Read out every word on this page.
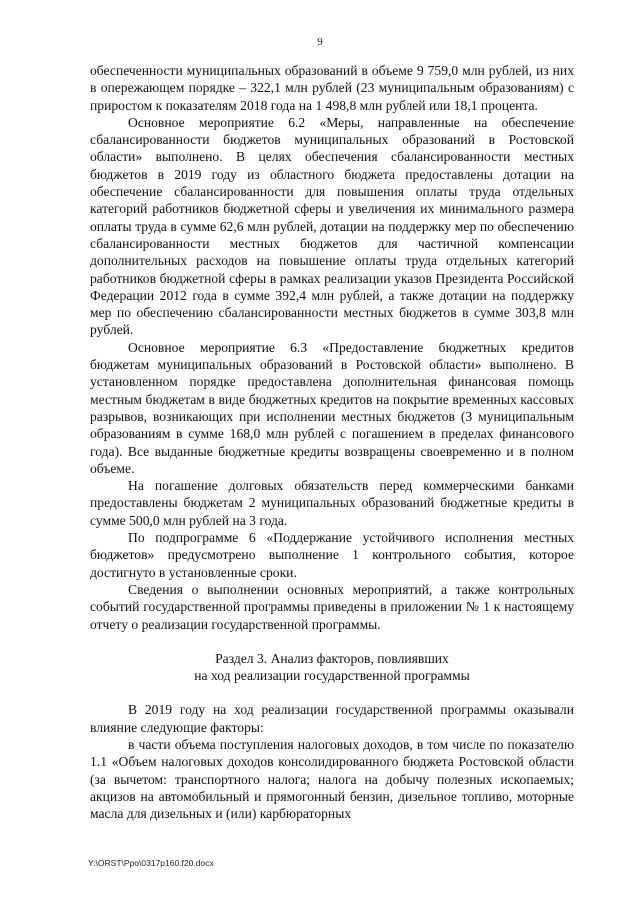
9

обеспеченности муниципальных образований в объеме 9 759,0 млн рублей, из них в опережающем порядке – 322,1 млн рублей (23 муниципальным образованиям) с приростом к показателям 2018 года на 1 498,8 млн рублей или 18,1 процента.

Основное мероприятие 6.2 «Меры, направленные на обеспечение сбалансированности бюджетов муниципальных образований в Ростовской области» выполнено. В целях обеспечения сбалансированности местных бюджетов в 2019 году из областного бюджета предоставлены дотации на обеспечение сбалансированности для повышения оплаты труда отдельных категорий работников бюджетной сферы и увеличения их минимального размера оплаты труда в сумме 62,6 млн рублей, дотации на поддержку мер по обеспечению сбалансированности местных бюджетов для частичной компенсации дополнительных расходов на повышение оплаты труда отдельных категорий работников бюджетной сферы в рамках реализации указов Президента Российской Федерации 2012 года в сумме 392,4 млн рублей, а также дотации на поддержку мер по обеспечению сбалансированности местных бюджетов в сумме 303,8 млн рублей.

Основное мероприятие 6.3 «Предоставление бюджетных кредитов бюджетам муниципальных образований в Ростовской области» выполнено. В установленном порядке предоставлена дополнительная финансовая помощь местным бюджетам в виде бюджетных кредитов на покрытие временных кассовых разрывов, возникающих при исполнении местных бюджетов (3 муниципальным образованиям в сумме 168,0 млн рублей с погашением в пределах финансового года). Все выданные бюджетные кредиты возвращены своевременно и в полном объеме.

На погашение долговых обязательств перед коммерческими банками предоставлены бюджетам 2 муниципальных образований бюджетные кредиты в сумме 500,0 млн рублей на 3 года.

По подпрограмме 6 «Поддержание устойчивого исполнения местных бюджетов» предусмотрено выполнение 1 контрольного события, которое достигнуто в установленные сроки.

Сведения о выполнении основных мероприятий, а также контрольных событий государственной программы приведены в приложении № 1 к настоящему отчету о реализации государственной программы.

Раздел 3. Анализ факторов, повлиявших
на ход реализации государственной программы

В 2019 году на ход реализации государственной программы оказывали влияние следующие факторы:

в части объема поступления налоговых доходов, в том числе по показателю 1.1 «Объем налоговых доходов консолидированного бюджета Ростовской области (за вычетом: транспортного налога; налога на добычу полезных ископаемых; акцизов на автомобильный и прямогонный бензин, дизельное топливо, моторные масла для дизельных и (или) карбюраторных

Y:\ORST\Ppo\0317p160.f20.docx
